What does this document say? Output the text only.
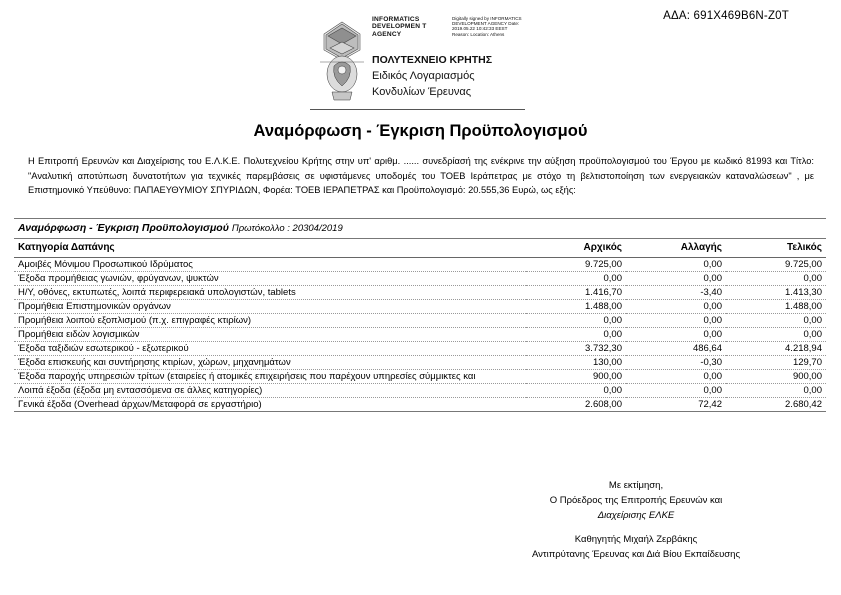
ΑΔΑ: 691Χ469Β6Ν-Ζ0Τ
INFORMATICS DEVELOPMEN T AGENCY
Digitally signed by INFORMATICS DEVELOPMENT AGENCY Date: 2019.05.22 10:42:33 EEST Reason: Location: Athens
ΠΟΛΥΤΕΧΝΕΙΟ ΚΡΗΤΗΣ
Ειδικός Λογαριασμός
Κονδυλίων Έρευνας
Αναμόρφωση - Έγκριση Προϋπολογισμού
Η Επιτροπή Ερευνών και Διαχείρισης του Ε.Λ.Κ.Ε. Πολυτεχνείου Κρήτης στην υπ' αριθμ. ...... συνεδρίασή της ενέκρινε την αύξηση προϋπολογισμού του Έργου με κωδικό 81993 και Τίτλο: "Αναλυτική αποτύπωση δυνατοτήτων για τεχνικές παρεμβάσεις σε υφιστάμενες υποδομές του ΤΟΕΒ Ιεράπετρας με στόχο τη βελτιστοποίηση των ενεργειακών καταναλώσεων" , με Επιστημονικό Υπεύθυνο: ΠΑΠΑΕΥΘΥΜΙΟΥ ΣΠΥΡΙΔΩΝ, Φορέα: ΤΟΕΒ ΙΕΡΑΠΕΤΡΑΣ και Προϋπολογισμό: 20.555,36 Ευρώ, ως εξής:
Αναμόρφωση - Έγκριση Προϋπολογισμού Πρωτόκολλο : 20304/2019
Κατηγορία Δαπάνης	Αρχικός	Αλλαγής	Τελικός
Αμοιβές Μόνιμου Προσωπικού Ιδρύματος	9.725,00	0,00	9.725,00
Έξοδα προμήθειας γωνιών, φρύγανων, ψυκτών	0,00	0,00	0,00
Η/Υ, οθόνες, εκτυπωτές, λοιπά περιφερειακά υπολογιστών, tablets	1.416,70	-3,40	1.413,30
Προμήθεια Επιστημονικών οργάνων	1.488,00	0,00	1.488,00
Προμήθεια λοιπού εξοπλισμού (π.χ. επιγραφές κτιρίων)	0,00	0,00	0,00
Προμήθεια ειδών λογισμικών	0,00	0,00	0,00
Έξοδα ταξιδιών εσωτερικού - εξωτερικού	3.732,30	486,64	4.218,94
Έξοδα επισκευής και συντήρησης κτιρίων, χώρων, μηχανημάτων	130,00	-0,30	129,70
Έξοδα παροχής υπηρεσιών τρίτων (εταιρείες ή ατομικές επιχειρήσεις που παρέχουν υπηρεσίες σύμμικτες και	900,00	0,00	900,00
Λοιπά έξοδα (έξοδα μη εντασσόμενα σε άλλες κατηγορίες)	0,00	0,00	0,00
Γενικά έξοδα (Overhead άρχων/Μεταφορά σε εργαστήριο)	2.608,00	72,42	2.680,42
Με εκτίμηση,
Ο Πρόεδρος της Επιτροπής Ερευνών και
Διαχείρισης ΕΛΚΕ
Καθηγητής Μιχαήλ Ζερβάκης
Αντιπρύτανης Έρευνας και Διά Βίου Εκπαίδευσης
